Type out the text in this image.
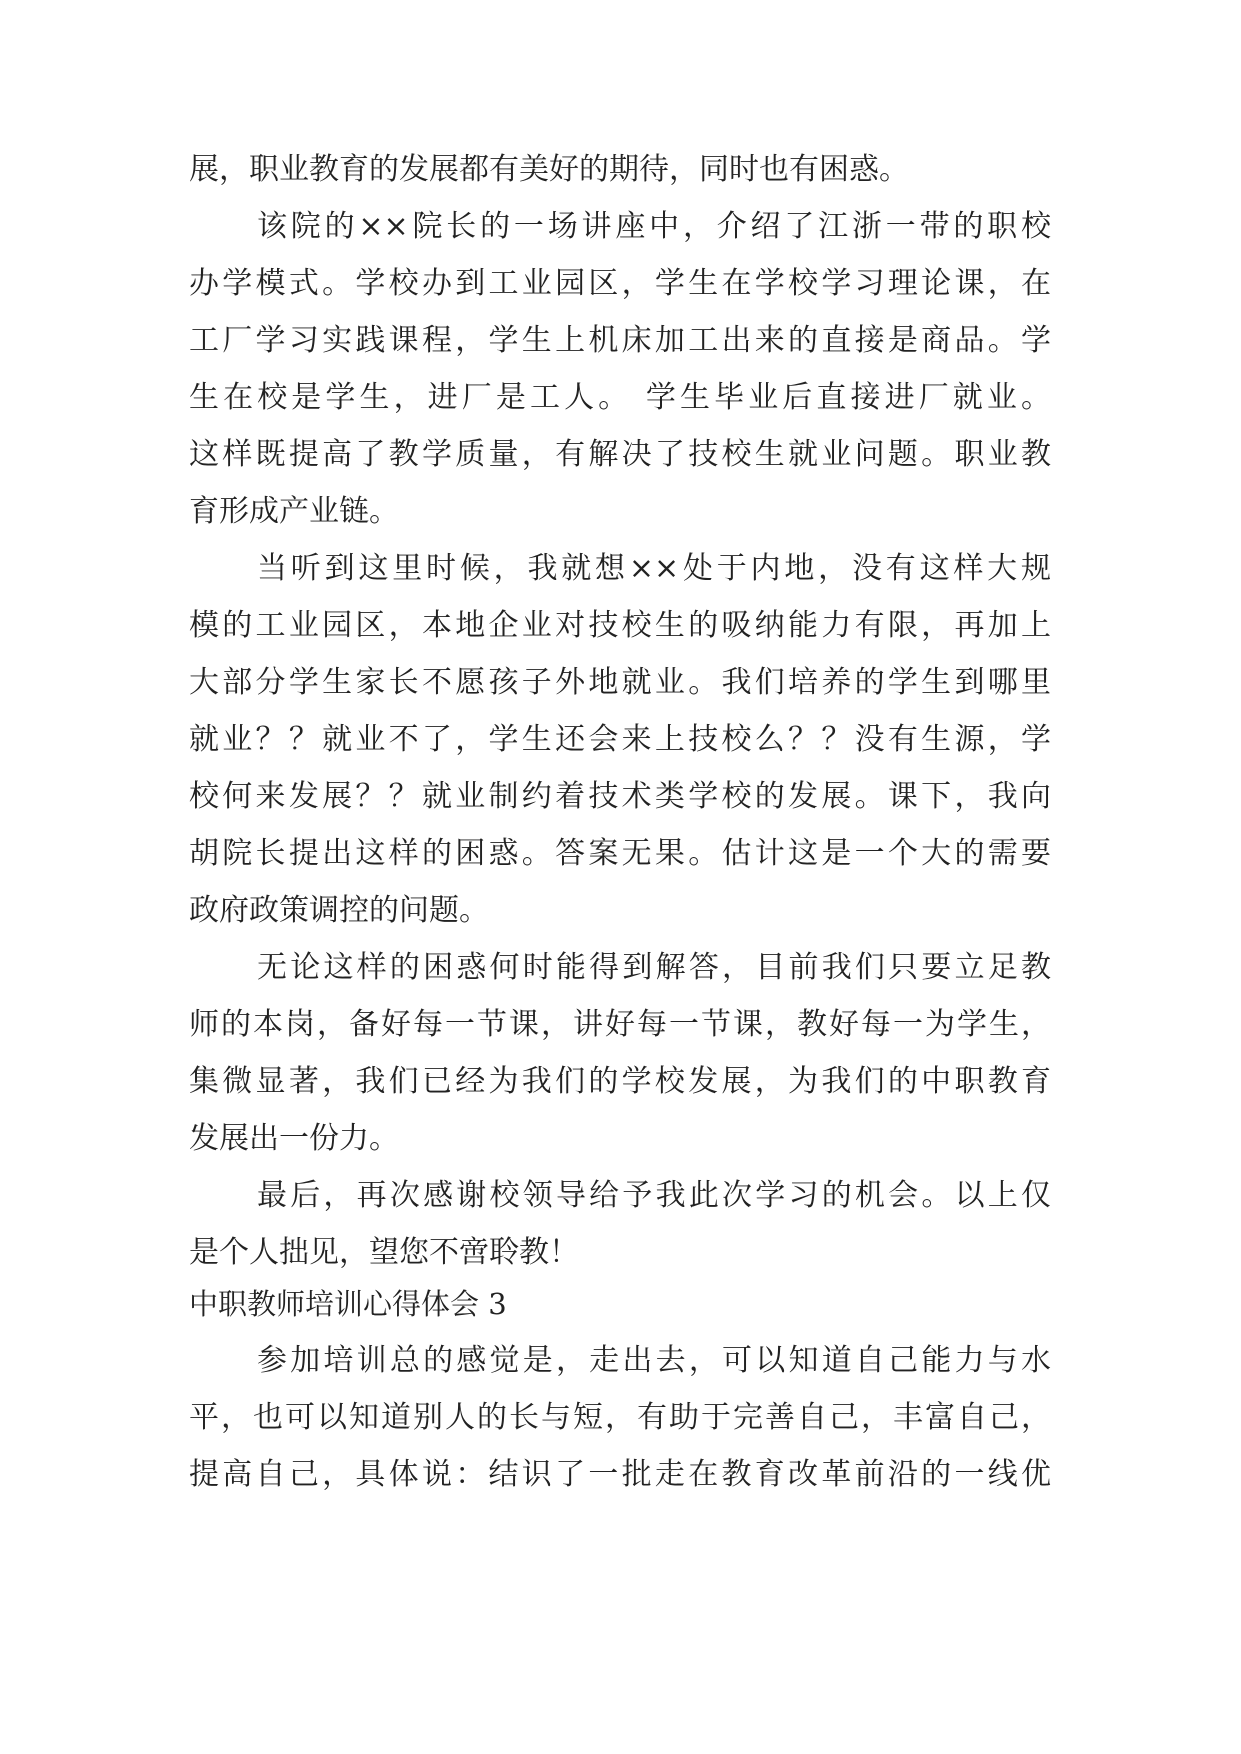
展，职业教育的发展都有美好的期待，同时也有困惑。
该院的××院长的一场讲座中，介绍了江浙一带的职校
办学模式。学校办到工业园区，学生在学校学习理论课，在
工厂学习实践课程，学生上机床加工出来的直接是商品。学
生在校是学生，进厂是工人。 学生毕业后直接进厂就业。
这样既提高了教学质量，有解决了技校生就业问题。职业教
育形成产业链。
当听到这里时候，我就想××处于内地，没有这样大规
模的工业园区，本地企业对技校生的吸纳能力有限，再加上
大部分学生家长不愿孩子外地就业。我们培养的学生到哪里
就业？？就业不了，学生还会来上技校么？？没有生源，学
校何来发展？？就业制约着技术类学校的发展。课下，我向
胡院长提出这样的困惑。答案无果。估计这是一个大的需要
政府政策调控的问题。
无论这样的困惑何时能得到解答，目前我们只要立足教
师的本岗，备好每一节课，讲好每一节课，教好每一为学生，
集微显著，我们已经为我们的学校发展，为我们的中职教育
发展出一份力。
最后，再次感谢校领导给予我此次学习的机会。以上仅
是个人拙见，望您不啻聆教！
中职教师培训心得体会 3
参加培训总的感觉是，走出去，可以知道自己能力与水
平，也可以知道别人的长与短，有助于完善自己，丰富自己，
提高自己，具体说：结识了一批走在教育改革前沿的一线优
